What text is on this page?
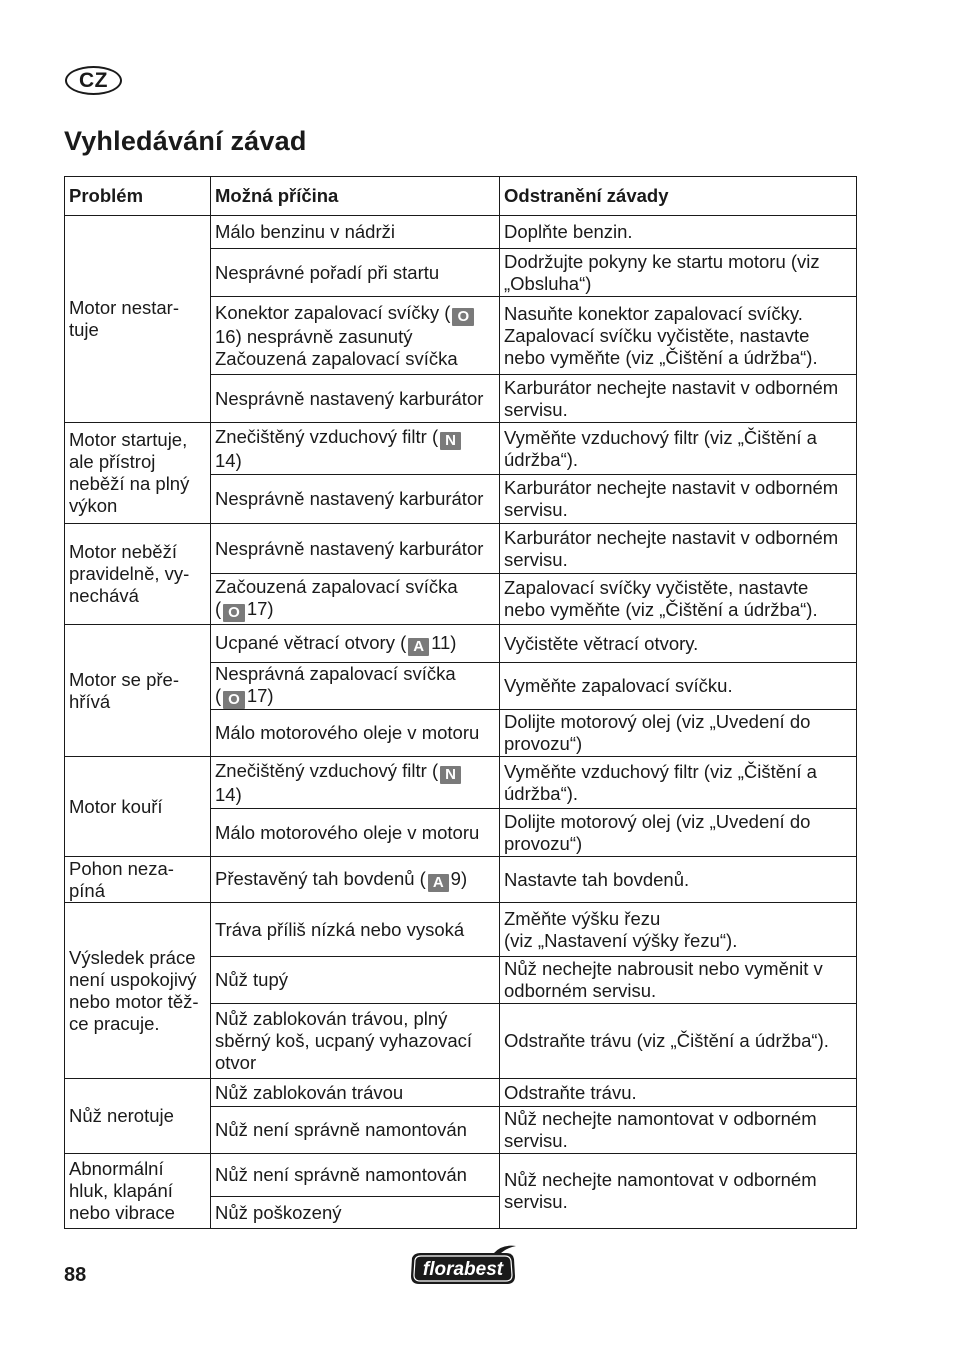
CZ
Vyhledávání závad
Problém	Možná příčina	Odstranění závady
Motor nestar-
tuje	Málo benzinu v nádrži	Doplňte benzin.
	Nesprávné pořadí při startu	Dodržujte pokyny ke startu motoru (viz „Obsluha“)
	Konektor zapalovací svíčky ( O
16) nesprávně zasunutý
Začouzená zapalovací svíčka	Nasuňte konektor zapalovací svíčky. Zapalovací svíčku vyčistěte, nastavte nebo vyměňte (viz „Čištění a údržba“).
	Nesprávně nastavený karburátor	Karburátor nechejte nastavit v odborném servisu.
Motor startuje,
ale přístroj
neběží na plný
výkon	Znečištěný vzduchový filtr ( N
14)	Vyměňte vzduchový filtr (viz „Čištění a údržba“).
	Nesprávně nastavený karburátor	Karburátor nechejte nastavit v odborném servisu.
Motor neběží
pravidelně, vy-
nechává	Nesprávně nastavený karburátor	Karburátor nechejte nastavit v odborném servisu.
	Začouzená zapalovací svíčka
( O 17)	Zapalovací svíčky vyčistěte, nastavte nebo vyměňte (viz „Čištění a údržba“).
Motor se pře-
hřívá	Ucpané větrací otvory ( A 11)	Vyčistěte větrací otvory.
	Nesprávná zapalovací svíčka
( O 17)	Vyměňte zapalovací svíčku.
	Málo motorového oleje v motoru	Dolijte motorový olej (viz „Uvedení do provozu“)
Motor kouří	Znečištěný vzduchový filtr ( N
14)	Vyměňte vzduchový filtr (viz „Čištění a údržba“).
	Málo motorového oleje v motoru	Dolijte motorový olej (viz „Uvedení do provozu“)
Pohon neza-
píná	Přestavěný tah bovdenů ( A 9)	Nastavte tah bovdenů.
Výsledek práce
není uspokojivý
nebo motor těž-
ce pracuje.	Tráva příliš nízká nebo vysoká	Změňte výšku řezu
(viz „Nastavení výšky řezu“).
	Nůž tupý	Nůž nechejte nabrousit nebo vyměnit v odborném servisu.
	Nůž zablokován trávou, plný
sběrný koš, ucpaný vyhazovací
otvor	Odstraňte trávu (viz „Čištění a údržba“).
Nůž nerotuje	Nůž zablokován trávou	Odstraňte trávu.
	Nůž není správně namontován	Nůž nechejte namontovat v odborném servisu.
Abnormální
hluk, klapání
nebo vibrace	Nůž není správně namontován	Nůž nechejte namontovat v odborném servisu.
	Nůž poškozený	
88	florabest
